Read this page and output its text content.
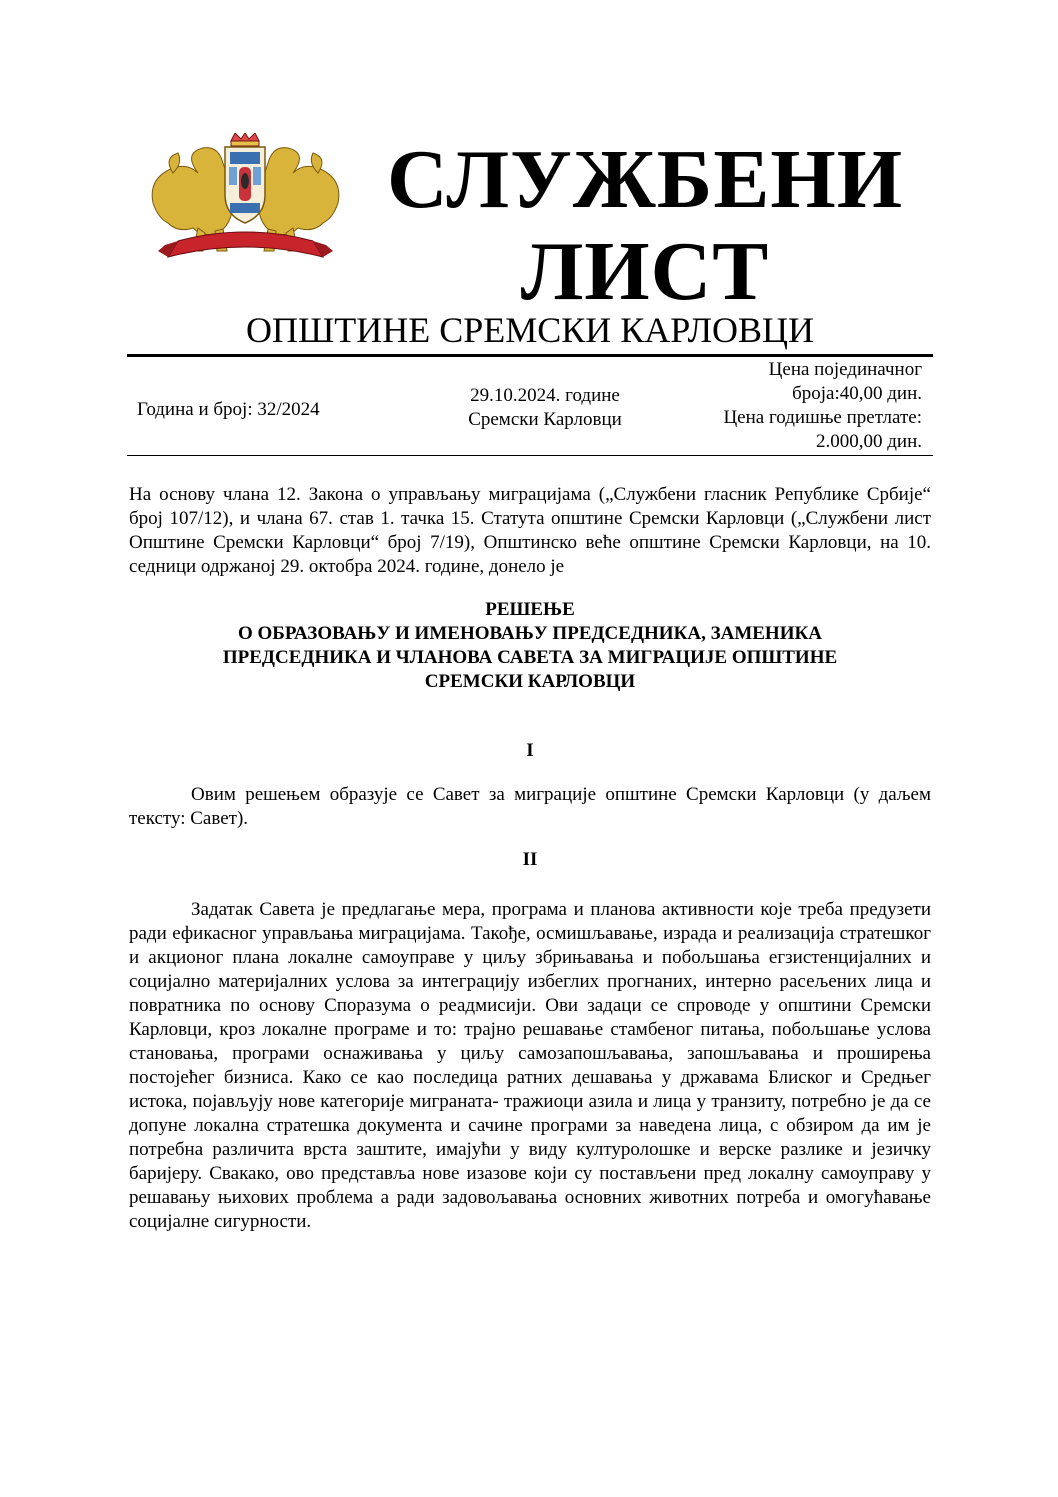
СЛУЖБЕНИ
ЛИСТ
ОПШТИНЕ СРЕМСКИ КАРЛОВЦИ
Година и број: 32/2024
29.10.2024. године
Сремски Карловци
Цена појединачног
броја:40,00 дин.
Цена годишње претлате:
2.000,00 дин.
На основу члана 12. Закона о управљању миграцијама („Службени гласник Републике Србије“ број 107/12), и члана 67. став 1. тачка 15. Статута општине Сремски Карловци („Службени лист Општине Сремски Карловци“ број 7/19), Општинско веће општине Сремски Карловци, на 10. седници одржаној 29. октобра 2024. године, донело је
РЕШЕЊЕ
О ОБРАЗОВАЊУ И ИМЕНОВАЊУ ПРЕДСЕДНИКА, ЗАМЕНИКА
ПРЕДСЕДНИКА И ЧЛАНОВА САВЕТА ЗА МИГРАЦИЈЕ ОПШТИНЕ
СРЕМСКИ КАРЛОВЦИ
I
Овим решењем образује се Савет за миграције општине Сремски Карловци (у даљем тексту: Савет).
II
Задатак Савета је предлагање мера, програма и планова активности које треба предузети ради ефикасног управљања миграцијама. Такође, осмишљавање, израда и реализација стратешког и акционог плана локалне самоуправе у циљу збрињавања и побољшања егзистенцијалних и социјално материјалних услова за интеграцију избеглих прогнаних, интерно расељених лица и повратника по основу Споразума о реадмисији. Ови задаци се спроводе у општини Сремски Карловци, кроз локалне програме и то: трајно решавање стамбеног питања, побољшање услова становања, програми оснаживања у циљу самозапошљавања, запошљавања и проширења постојећег бизниса. Како се као последица ратних дешавања у државама Блиског и Средњег истока, појављују нове категорије миграната- тражиоци азила и лица у транзиту, потребно је да се допуне локална стратешка документа и сачине програми за наведена лица, с обзиром да им је потребна различита врста заштите, имајући у виду културолошке и верске разлике и језичку баријеру. Свакако, ово представља нове изазове који су постављени пред локалну самоуправу у решавању њихових проблема а ради задовољавања основних животних потреба и омогућавање социјалне сигурности.
